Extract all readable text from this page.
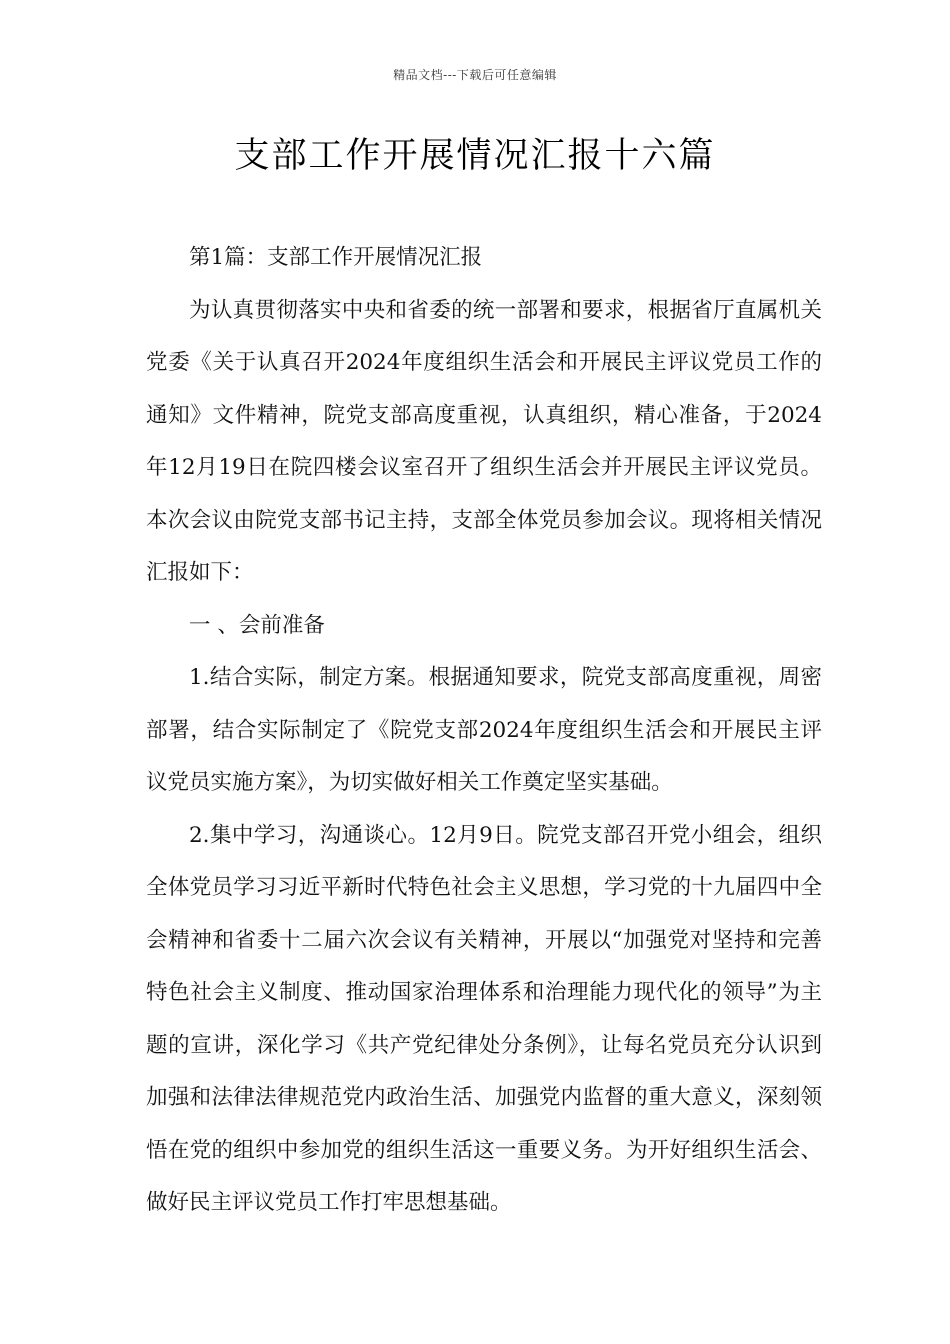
精品文档---下载后可任意编辑
支部工作开展情况汇报十六篇

第1篇：支部工作开展情况汇报

为认真贯彻落实中央和省委的统一部署和要求，根据省厅直属机关党委《关于认真召开2024年度组织生活会和开展民主评议党员工作的通知》文件精神，院党支部高度重视，认真组织，精心准备，于2024年12月19日在院四楼会议室召开了组织生活会并开展民主评议党员。本次会议由院党支部书记主持，支部全体党员参加会议。现将相关情况汇报如下：

一 、会前准备

1.结合实际，制定方案。根据通知要求，院党支部高度重视，周密部署，结合实际制定了《院党支部2024年度组织生活会和开展民主评议党员实施方案》，为切实做好相关工作奠定坚实基础。

2.集中学习，沟通谈心。12月9日。院党支部召开党小组会，组织全体党员学习习近平新时代特色社会主义思想，学习党的十九届四中全会精神和省委十二届六次会议有关精神，开展以“加强党对坚持和完善特色社会主义制度、推动国家治理体系和治理能力现代化的领导”为主题的宣讲，深化学习《共产党纪律处分条例》，让每名党员充分认识到加强和法律法律规范党内政治生活、加强党内监督的重大意义，深刻领悟在党的组织中参加党的组织生活这一重要义务。为开好组织生活会、做好民主评议党员工作打牢思想基础。
